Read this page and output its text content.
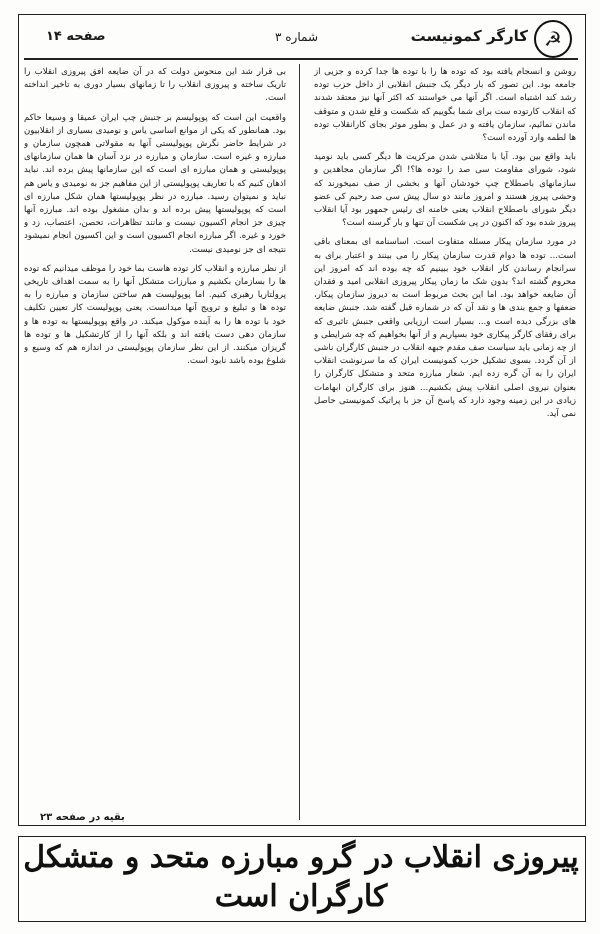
☭
کارگر کمونیست
شماره ۳
صفحه ۱۴

روشن و انسجام یافته بود که توده ها را با توده ها جدا کرده و جزیی از جامعه بود. این تصور که بار دیگر یک جنبش انقلابی از داخل حزب توده رشد کند اشتباه است. اگر آنها می خواستند که اکثر آنها نیز معتقد شدند که انقلاب کارتوده ست برای شما بگوییم که شکست و قلع شدن و متوقف ماندن نمائیم، سازمان یافته و در عمل و بطور موثر بجای کارانقلاب توده ها لطمه وارد آورده است؟

باید واقع بین بود. آیا با متلاشی شدن مرکزیت ها دیگر کسی باید نومید شود، شورای مقاومت سی صد را توده ها؟! اگر سازمان مجاهدین و سازمانهای باصطلاح چپ خودشان آنها و بخشی از صف نمیخورند که وحشی پیروز هستند و امروز مانند دو سال پیش سی صد رحیم کی عضو دیگر شورای باصطلاح انقلاب یعنی خامنه ای رئیس جمهور بود آیا انقلاب پیروز شده بود که اکنون در پی شکست آن تنها و بار گرسنه است؟

در مورد سازمان پیکار مسئله متفاوت است. اساسنامه ای بمعنای باقی است... توده ها دوام قدرت سازمان پیکار را می بینند و اعتبار برای به سرانجام رساندن کار انقلاب خود ببینیم که چه بوده اند که امروز این محروم گشته اند؟ بدون شک ما زمان پیکار پیروزی انقلابی امید و فقدان آن ضایعه خواهد بود. اما این بحث مربوط است به دیروز سازمان پیکار، ضعفها و جمع بندی ها و نقد آن که در شماره قبل گفته شد. جنبش ضایعه های بزرگی دیده است و... بسیار است ارزیابی واقعی جنبش تاثیری که برای رفقای کارگر پیکاری خود بسپاریم و از آنها بخواهیم که چه شرایطی و از چه زمانی باید سیاست صف مقدم جبهه انقلاب در جنبش کارگران ناشی از آن گردد. بسوی تشکیل حزب کمونیست ایران که ما سرنوشت انقلاب ایران را به آن گره زده ایم. شعار مبارزه متحد و متشکل کارگران را بعنوان نیروی اصلی انقلاب پیش بکشیم... هنوز برای کارگران ابهامات زیادی در این زمینه وجود دارد که پاسخ آن جز با پراتیک کمونیستی حاصل نمی آید.

بی قرار شد این منحوس دولت که در آن ضایعه افق پیروزی انقلاب را تاریک ساخته و پیروزی انقلاب را تا زمانهای بسیار دوری به تاخیر انداخته است.

واقعیت این است که پوپولیسم بر جنبش چپ ایران عمیقا و وسیعا حاکم بود. همانطور که یکی از موانع اساسی یاس و نومیدی بسیاری از انقلابیون در شرایط حاضر نگرش پوپولیستی آنها به مقولاتی همچون سازمان و مبارزه و غیره است. سازمان و مبارزه در نزد آسان ها همان سازمانهای پوپولیستی و همان مبارزه ای است که این سازمانها پیش برده اند. نباید اذهان کنیم که با تعاریف پوپولیستی از این مفاهیم جز به نومیدی و یاس هم نباید و نمیتوان رسید. مبارزه در نظر پوپولیستها همان شکل مبارزه ای است که پوپولیستها پیش برده اند و بدان مشغول بوده اند. مبارزه آنها چیزی جز انجام اکسیون نیست و مانند تظاهرات، تحصن، اعتصاب، زد و خورد و غیره. اگر مبارزه انجام اکسیون است و این اکسیون انجام نمیشود نتیجه ای جز نومیدی نیست.

از نظر مبارزه و انقلاب کار توده هاست بما خود را موظف میدانیم که توده ها را بسازمان بکشیم و مبارزات متشکل آنها را به سمت اهداف تاریخی پرولتاریا رهبری کنیم. اما پوپولیست هم ساختن سازمان و مبارزه را به توده ها و تبلیغ و ترویج آنها میدانست. یعنی پوپولیست کار تعیین تکلیف خود با توده ها را به آینده موکول میکند. در واقع پوپولیستها به توده ها و سازمان دهی دست یافته اند و بلکه آنها را از کارتشکیل ها و توده ها گریزان میکنند. از این نظر سازمان پوپولیستی در اندازه هم که وسیع و شلوغ بوده باشد نابود است.

بقیه در صفحه ۲۳
پیروزی انقلاب در گرو مبارزه متحد و متشکل
کارگران است
